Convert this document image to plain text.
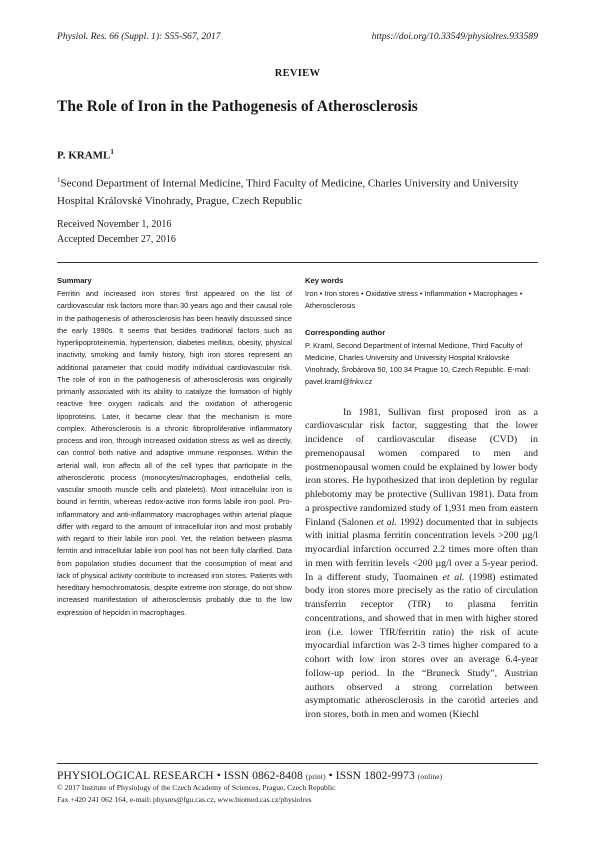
Physiol. Res. 66 (Suppl. 1): S55-S67, 2017	https://doi.org/10.33549/physiolres.933589
REVIEW
The Role of Iron in the Pathogenesis of Atherosclerosis
P. KRAML$^1$
$^1$Second Department of Internal Medicine, Third Faculty of Medicine, Charles University and University Hospital Královské Vinohrady, Prague, Czech Republic
Received November 1, 2016
Accepted December 27, 2016
Summary

Ferritin and increased iron stores first appeared on the list of cardiovascular risk factors more than 30 years ago and their causal role in the pathogenesis of atherosclerosis has been heavily discussed since the early 1990s. It seems that besides traditional factors such as hyperlipoproteinemia, hypertension, diabetes mellitus, obesity, physical inactivity, smoking and family history, high iron stores represent an additional parameter that could modify individual cardiovascular risk. The role of iron in the pathogenesis of atherosclerosis was originally primarily associated with its ability to catalyze the formation of highly reactive free oxygen radicals and the oxidation of atherogenic lipoproteins. Later, it became clear that the mechanism is more complex. Atherosclerosis is a chronic fibroproliferative inflammatory process and iron, through increased oxidation stress as well as directly, can control both native and adaptive immune responses. Within the arterial wall, iron affects all of the cell types that participate in the atherosclerotic process (monocytes/macrophages, endothelial cells, vascular smooth muscle cells and platelets). Most intracellular iron is bound in ferritin, whereas redox-active iron forms labile iron pool. Pro-inflammatory and anti-inflammatory macrophages within arterial plaque differ with regard to the amount of intracellular iron and most probably with regard to their labile iron pool. Yet, the relation between plasma ferritin and intracellular labile iron pool has not been fully clarified. Data from population studies document that the consumption of meat and lack of physical activity contribute to increased iron stores. Patients with hereditary hemochromatosis, despite extreme iron storage, do not show increased manifestation of atherosclerosis probably due to the low expression of hepcidin in macrophages.

Key words

Iron • Iron stores • Oxidative stress • Inflammation • Macrophages • Atherosclerosis

Corresponding author

P. Kraml, Second Department of Internal Medicine, Third Faculty of Medicine, Charles University and University Hospital Královské Vinohrady, Šrobárova 50, 100 34 Prague 10, Czech Republic. E-mail: pavel.kraml@fnkv.cz

In 1981, Sullivan first proposed iron as a cardiovascular risk factor, suggesting that the lower incidence of cardiovascular disease (CVD) in premenopausal women compared to men and postmenopausal women could be explained by lower body iron stores. He hypothesized that iron depletion by regular phlebotomy may be protective (Sullivan 1981). Data from a prospective randomized study of 1,931 men from eastern Finland (Salonen et al. 1992) documented that in subjects with initial plasma ferritin concentration levels >200 µg/l myocardial infarction occurred 2.2 times more often than in men with ferritin levels <200 µg/l over a 5-year period. In a different study, Tuomainen et al. (1998) estimated body iron stores more precisely as the ratio of circulation transferrin receptor (TfR) to plasma ferritin concentrations, and showed that in men with higher stored iron (i.e. lower TfR/ferritin ratio) the risk of acute myocardial infarction was 2-3 times higher compared to a cohort with low iron stores over an average 6.4-year follow-up period. In the “Bruneck Study”, Austrian authors observed a strong correlation between asymptomatic atherosclerosis in the carotid arteries and iron stores, both in men and women (Kiechl

PHYSIOLOGICAL RESEARCH • ISSN 0862-8408 (print) • ISSN 1802-9973 (online)
© 2017 Institute of Physiology of the Czech Academy of Sciences, Prague, Czech Republic
Fax +420 241 062 164, e-mail: physres@fgu.cas.cz, www.biomed.cas.cz/physiolres
